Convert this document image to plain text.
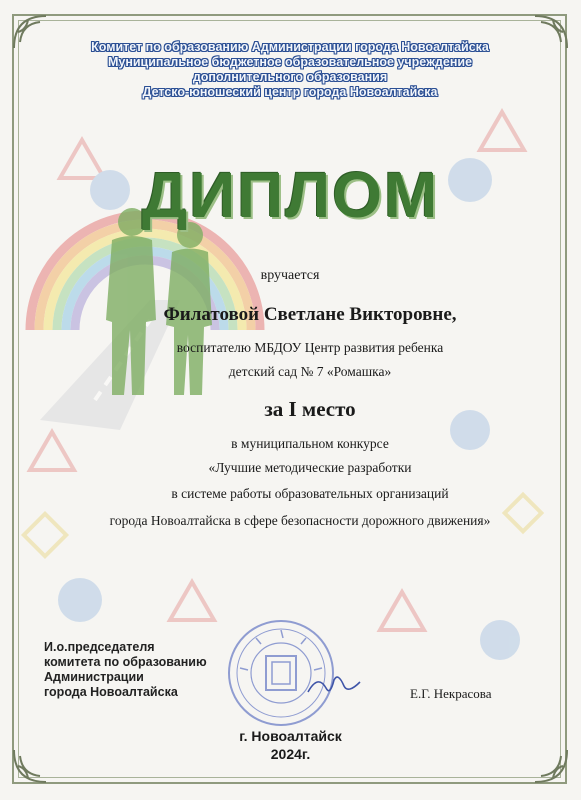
Комитет по образованию Администрации города Новоалтайска
Муниципальное бюджетное образовательное учреждение
дополнительного образования
Детско-юношеский центр города Новоалтайска
ДИПЛОМ
вручается
Филатовой Светлане Викторовне,
воспитателю МБДОУ Центр развития ребенка
детский сад № 7 «Ромашка»
за I место
в муниципальном конкурсе
«Лучшие методические разработки
в системе работы образовательных организаций
города Новоалтайска в сфере безопасности дорожного движения»
И.о.председателя
комитета по образованию
Администрации
города Новоалтайска	Е.Г. Некрасова
г. Новоалтайск
2024г.
